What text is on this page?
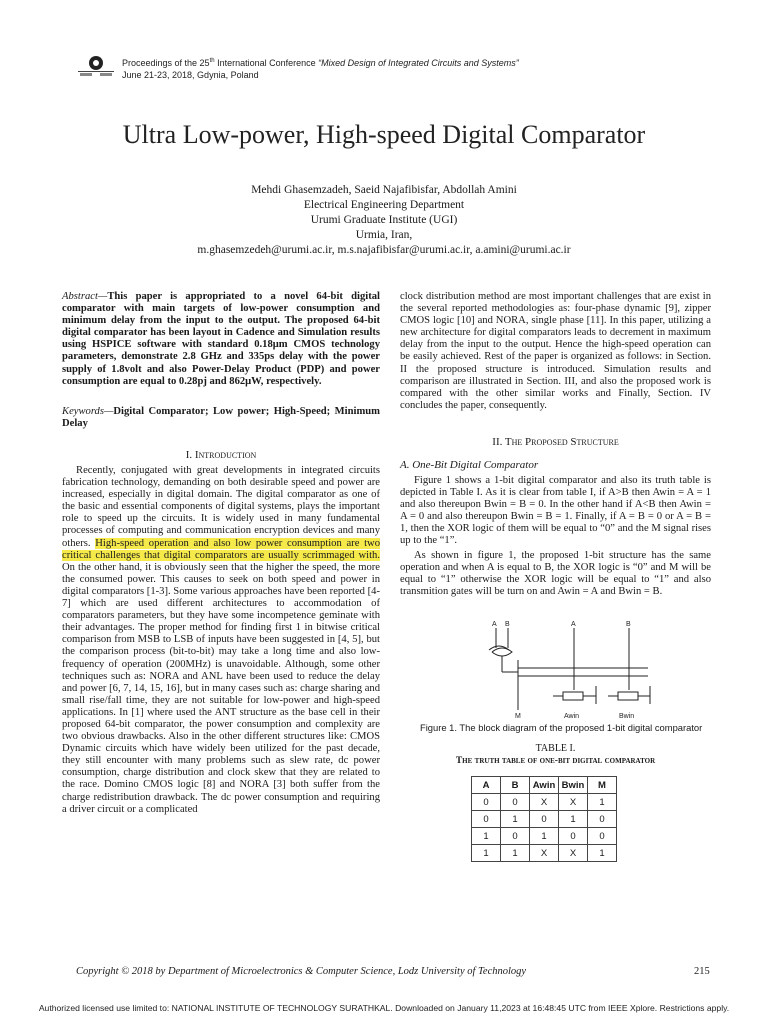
Proceedings of the 25th International Conference “Mixed Design of Integrated Circuits and Systems”
June 21-23, 2018, Gdynia, Poland
Ultra Low-power, High-speed Digital Comparator
Mehdi Ghasemzadeh, Saeid Najafibisfar, Abdollah Amini
Electrical Engineering Department
Urumi Graduate Institute (UGI)
Urmia, Iran,
m.ghasemzedeh@urumi.ac.ir, m.s.najafibisfar@urumi.ac.ir, a.amini@urumi.ac.ir
Abstract—This paper is appropriated to a novel 64-bit digital comparator with main targets of low-power consumption and minimum delay from the input to the output. The proposed 64-bit digital comparator has been layout in Cadence and Simulation results using HSPICE software with standard 0.18μm CMOS technology parameters, demonstrate 2.8 GHz and 335ps delay with the power supply of 1.8volt and also Power-Delay Product (PDP) and power consumption are equal to 0.28pj and 862μW, respectively.
Keywords—Digital Comparator; Low power; High-Speed; Minimum Delay
I. Introduction
Recently, conjugated with great developments in integrated circuits fabrication technology, demanding on both desirable speed and power are increased, especially in digital domain. The digital comparator as one of the basic and essential components of digital systems, plays the important role to speed up the circuits. It is widely used in many fundamental processes of computing and communication encryption devices and many others. High-speed operation and also low power consumption are two critical challenges that digital comparators are usually scrimmaged with. On the other hand, it is obviously seen that the higher the speed, the more the consumed power. This causes to seek on both speed and power in digital comparators [1-3]. Some various approaches have been reported [4-7] which are used different architectures to accommodation of comparators parameters, but they have some incompetence geminate with their advantages. The proper method for finding first 1 in bitwise critical comparison from MSB to LSB of inputs have been suggested in [4, 5], but the comparison process (bit-to-bit) may take a long time and also low-frequency of operation (200MHz) is unavoidable. Although, some other techniques such as: NORA and ANL have been used to reduce the delay and power [6, 7, 14, 15, 16], but in many cases such as: charge sharing and small rise/fall time, they are not suitable for low-power and high-speed applications. In [1] where used the ANT structure as the base cell in their proposed 64-bit comparator, the power consumption and complexity are two obvious drawbacks. Also in the other different structures like: CMOS Dynamic circuits which have widely been utilized for the past decade, they still encounter with many problems such as slew rate, dc power consumption, charge distribution and clock skew that they are related to the race. Domino CMOS logic [8] and NORA [3] both suffer from the charge redistribution drawback. The dc power consumption and requiring a driver circuit or a complicated
clock distribution method are most important challenges that are exist in the several reported methodologies as: four-phase dynamic [9], zipper CMOS logic [10] and NORA, single phase [11]. In this paper, utilizing a new architecture for digital comparators leads to decrement in maximum delay from the input to the output. Hence the high-speed operation can be easily achieved. Rest of the paper is organized as follows: in Section. II the proposed structure is introduced. Simulation results and comparison are illustrated in Section. III, and also the proposed work is compared with the other similar works and Finally, Section. IV concludes the paper, consequently.
II. The Proposed Structure
A. One-Bit Digital Comparator
Figure 1 shows a 1-bit digital comparator and also its truth table is depicted in Table I. As it is clear from table I, if A>B then Awin = A = 1 and also thereupon Bwin = B = 0. In the other hand if A<B then Awin = A = 0 and also thereupon Bwin = B = 1. Finally, if A = B = 0 or A = B = 1, then the XOR logic of them will be equal to “0” and the M signal rises up to the “1”.
As shown in figure 1, the proposed 1-bit structure has the same operation and when A is equal to B, the XOR logic is “0” and M will be equal to “1” otherwise the XOR logic will be equal to “1” and also transmition gates will be turn on and Awin = A and Bwin = B.
A B	A	B
M	Awin	Bwin
Figure 1. The block diagram of the proposed 1-bit digital comparator
TABLE I.
The truth table of one-bit digital comparator
A	B	Awin	Bwin	M
0	0	X	X	1
0	1	0	1	0
1	0	1	0	0
1	1	X	X	1
Copyright © 2018 by Department of Microelectronics & Computer Science, Lodz University of Technology	215
Authorized licensed use limited to: NATIONAL INSTITUTE OF TECHNOLOGY SURATHKAL. Downloaded on January 11,2023 at 16:48:45 UTC from IEEE Xplore. Restrictions apply.
